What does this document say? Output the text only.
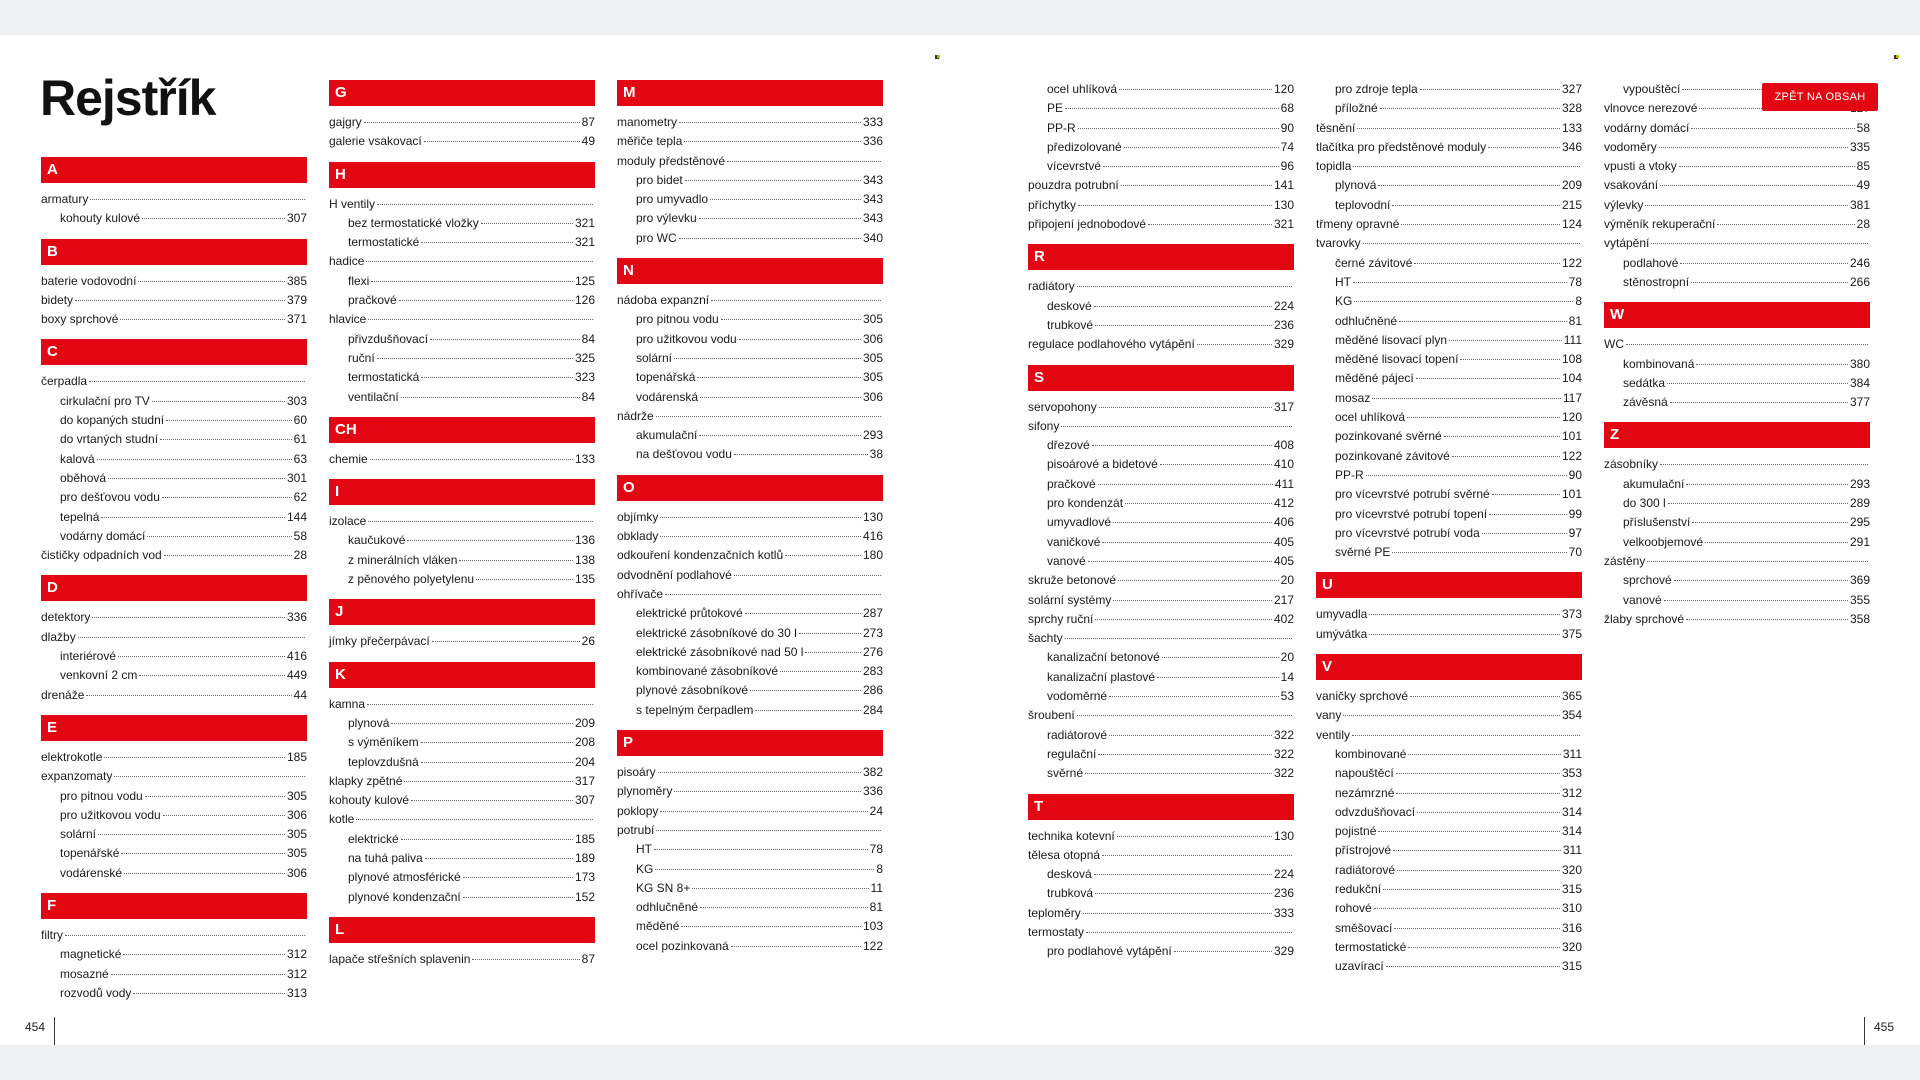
Rejstřík
A
armatury
kohouty kulové	307
B
baterie vodovodní	385
bidety	379
boxy sprchové	371
C
čerpadla
cirkulační pro TV	303
do kopaných studní	60
do vrtaných studní	61
kalová	63
oběhová	301
pro dešťovou vodu	62
tepelná	144
vodárny domácí	58
čističky odpadních vod	28
D
detektory	336
dlažby
interiérové	416
venkovní 2 cm	449
drenáže	44
E
elektrokotle	185
expanzomaty
pro pitnou vodu	305
pro užitkovou vodu	306
solární	305
topenářské	305
vodárenské	306
F
filtry
magnetické	312
mosazné	312
rozvodů vody	313
G
gajgry	87
galerie vsakovací	49
H
H ventily
bez termostatické vložky	321
termostatické	321
hadice
flexi	125
pračkové	126
hlavice
přivzdušňovací	84
ruční	325
termostatická	323
ventilační	84
CH
chemie	133
I
izolace
kaučukové	136
z minerálních vláken	138
z pěnového polyetylenu	135
J
jímky přečerpávací	26
K
kamna
plynová	209
s výměníkem	208
teplovzdušná	204
klapky zpětné	317
kohouty kulové	307
kotle
elektrické	185
na tuhá paliva	189
plynové atmosférické	173
plynové kondenzační	152
L
lapače střešních splavenin	87
M
manometry	333
měřiče tepla	336
moduly předstěnové
pro bidet	343
pro umyvadlo	343
pro výlevku	343
pro WC	340
N
nádoba expanzní
pro pitnou vodu	305
pro užitkovou vodu	306
solární	305
topenářská	305
vodárenská	306
nádrže
akumulační	293
na dešťovou vodu	38
O
objímky	130
obklady	416
odkouření kondenzačních kotlů	180
odvodnění podlahové
ohřívače
elektrické průtokové	287
elektrické zásobníkové do 30 l	273
elektrické zásobníkové nad 50 l	276
kombinované zásobníkové	283
plynové zásobníkové	286
s tepelným čerpadlem	284
P
pisoáry	382
plynoměry	336
poklopy	24
potrubí
HT	78
KG	8
KG SN 8+	11
odhlučněné	81
měděné	103
ocel pozinkovaná	122
ocel uhlíková	120
PE	68
PP-R	90
předizolované	74
vícevrstvé	96
pouzdra potrubní	141
příchytky	130
připojení jednobodové	321
R
radiátory
deskové	224
trubkové	236
regulace podlahového vytápění	329
S
servopohony	317
sifony
dřezové	408
pisoárové a bidetové	410
pračkové	411
pro kondenzát	412
umyvadlové	406
vaničkové	405
vanové	405
skruže betonové	20
solární systémy	217
sprchy ruční	402
šachty
kanalizační betonové	20
kanalizační plastové	14
vodoměrné	53
šroubení
radiátorové	322
regulační	322
svěrné	322
T
technika kotevní	130
tělesa otopná
desková	224
trubková	236
teploměry	333
termostaty
pro podlahové vytápění	329
pro zdroje tepla	327
příložné	328
těsnění	133
tlačítka pro předstěnové moduly	346
topidla
plynová	209
teplovodní	215
třmeny opravné	124
tvarovky
černé závitové	122
HT	78
KG	8
odhlučněné	81
měděné lisovací plyn	111
měděné lisovací topení	108
měděné pájecí	104
mosaz	117
ocel uhlíková	120
pozinkované svěrné	101
pozinkované závitové	122
PP-R	90
pro vícevrstvé potrubí svěrné	101
pro vícevrstvé potrubí topení	99
pro vícevrstvé potrubí voda	97
svěrné PE	70
U
umyvadla	373
umývátka	375
V
vaničky sprchové	365
vany	354
ventily
kombinované	311
napouštěcí	353
nezámrzné	312
odvzdušňovací	314
pojistné	314
přístrojové	311
radiátorové	320
redukční	315
rohové	310
směšovací	316
termostatické	320
uzavírací	315
vypouštěcí
vlnovce nerezové
vodárny domácí	58
vodoměry	335
vpusti a vtoky	85
vsakování	49
výlevky	381
výměník rekuperační	28
vytápění
podlahové	246
stěnostropní	266
W
WC
kombinovaná	380
sedátka	384
závěsná	377
Z
zásobníky
akumulační	293
do 300 l	289
příslušenství	295
velkoobjemové	291
zástěny
sprchové	369
vanové	355
žlaby sprchové	358
ZPĚT NA OBSAH
454	455
